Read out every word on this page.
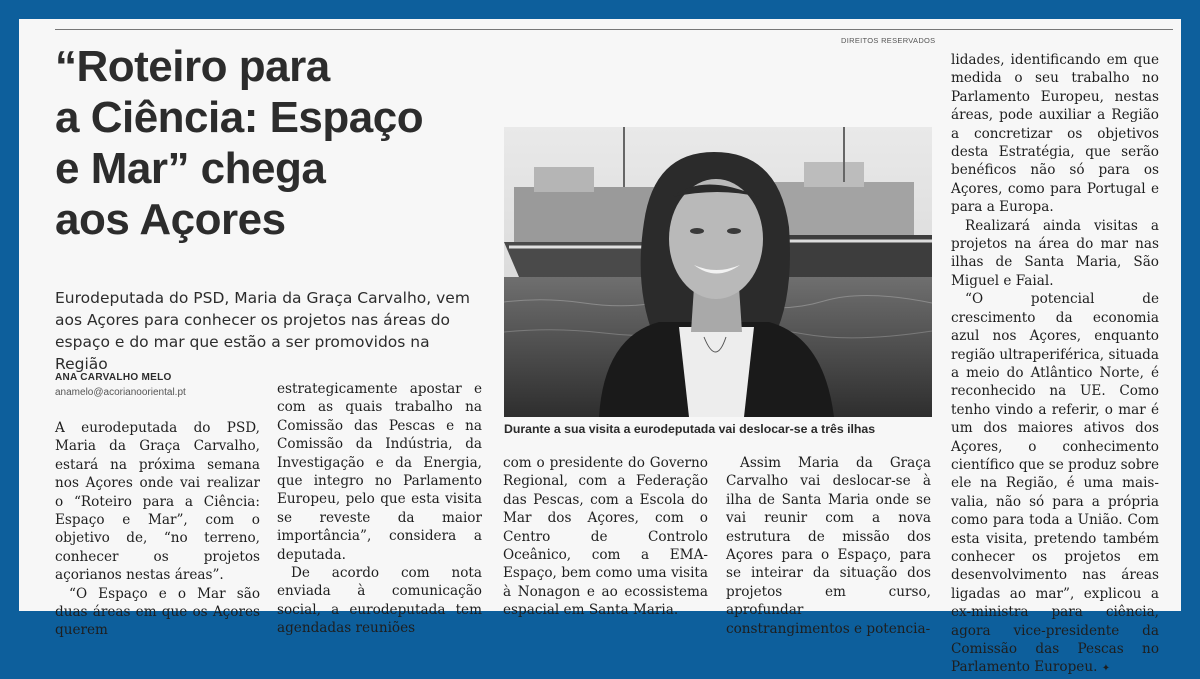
DIREITOS RESERVADOS
“Roteiro para
a Ciência: Espaço
e Mar” chega
aos Açores

Eurodeputada do PSD, Maria da Graça Carvalho, vem aos Açores para conhecer os projetos nas áreas do espaço e do mar que estão a ser promovidos na Região

ANA CARVALHO MELO
anamelo@acorianooriental.pt
Durante a sua visita a eurodeputada vai deslocar-se a três ilhas

A eurodeputada do PSD, Maria da Graça Carvalho, estará na próxima semana nos Açores onde vai realizar o “Roteiro para a Ciência: Espaço e Mar”, com o objetivo de, “no terreno, conhecer os projetos açorianos nestas áreas”.

“O Espaço e o Mar são duas áreas em que os Açores querem

estrategicamente apostar e com as quais trabalho na Comissão das Pescas e na Comissão da Indústria, da Investigação e da Energia, que integro no Parlamento Europeu, pelo que esta visita se reveste da maior importância”, considera a deputada.

De acordo com nota enviada à comunicação social, a eurodeputada tem agendadas reuniões

com o presidente do Governo Regional, com a Federação das Pescas, com a Escola do Mar dos Açores, com o Centro de Controlo Oceânico, com a EMA-Espaço, bem como uma visita à Nonagon e ao ecossistema espacial em Santa Maria.

Assim Maria da Graça Carvalho vai deslocar-se à ilha de Santa Maria onde se vai reunir com a nova estrutura de missão dos Açores para o Espaço, para se inteirar da situação dos projetos em curso, aprofundar constrangimentos e potencia-

lidades, identificando em que medida o seu trabalho no Parlamento Europeu, nestas áreas, pode auxiliar a Região a concretizar os objetivos desta Estratégia, que serão benéficos não só para os Açores, como para Portugal e para a Europa.

Realizará ainda visitas a projetos na área do mar nas ilhas de Santa Maria, São Miguel e Faial.

“O potencial de crescimento da economia azul nos Açores, enquanto região ultraperiférica, situada a meio do Atlântico Norte, é reconhecido na UE. Como tenho vindo a referir, o mar é um dos maiores ativos dos Açores, o conhecimento científico que se produz sobre ele na Região, é uma mais-valia, não só para a própria como para toda a União. Com esta visita, pretendo também conhecer os projetos em desenvolvimento nas áreas ligadas ao mar”, explicou a ex-ministra para ciência, agora vice-presidente da Comissão das Pescas no Parlamento Europeu. ✦
